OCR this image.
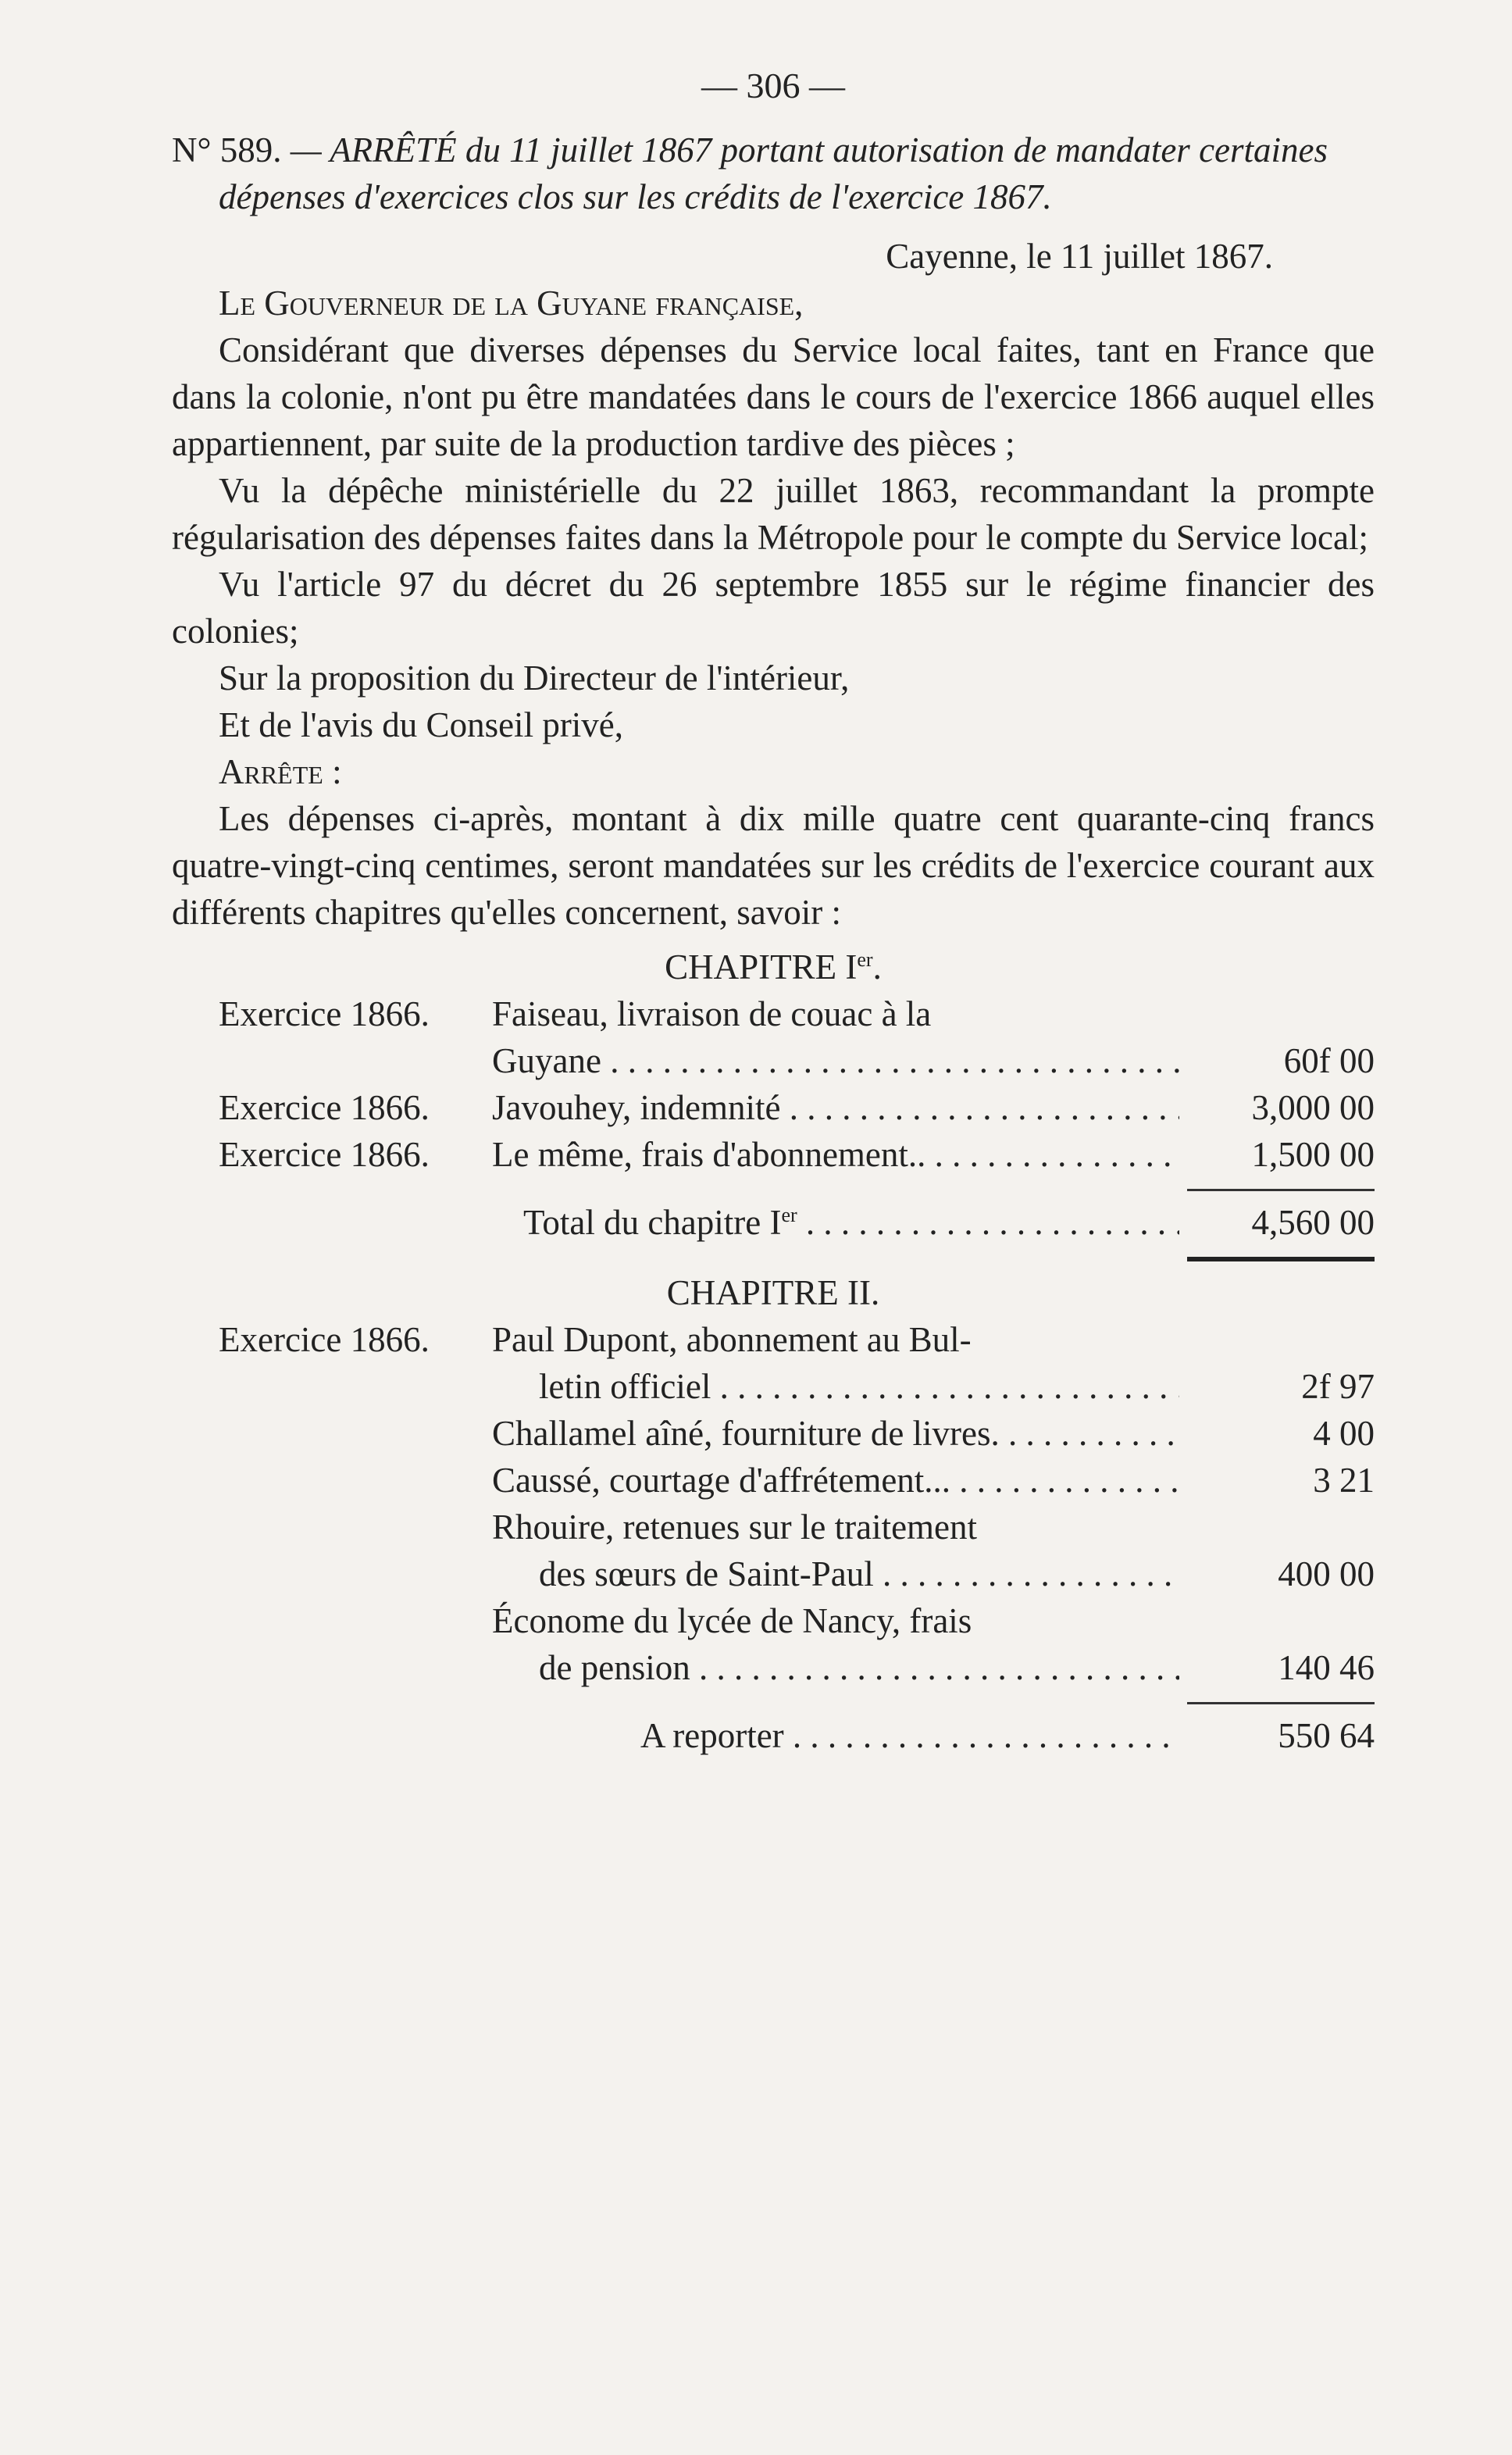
— 306 —
N° 589. — ARRÊTÉ du 11 juillet 1867 portant autorisation de mandater certaines dépenses d'exercices clos sur les crédits de l'exercice 1867.
Cayenne, le 11 juillet 1867.
Le Gouverneur de la Guyane française,
Considérant que diverses dépenses du Service local faites, tant en France que dans la colonie, n'ont pu être mandatées dans le cours de l'exercice 1866 auquel elles appartiennent, par suite de la production tardive des pièces ;
Vu la dépêche ministérielle du 22 juillet 1863, recommandant la prompte régularisation des dépenses faites dans la Métropole pour le compte du Service local;
Vu l'article 97 du décret du 26 septembre 1855 sur le régime financier des colonies;
Sur la proposition du Directeur de l'intérieur,
Et de l'avis du Conseil privé,
Arrête :
Les dépenses ci-après, montant à dix mille quatre cent quarante-cinq francs quatre-vingt-cinq centimes, seront mandatées sur les crédits de l'exercice courant aux différents chapitres qu'elles concernent, savoir :
CHAPITRE Ier.
Exercice 1866.	Faiseau, livraison de couac à la
Guyane . . .	60f 00
Exercice 1866.	Javouhey, indemnité . . .	3,000 00
Exercice 1866.	Le même, frais d'abonnement.. . . .	1,500 00
Total du chapitre Ier . . .	4,560 00
CHAPITRE II.
Exercice 1866.	Paul Dupont, abonnement au Bul-
letin officiel . . .	2f 97
Challamel aîné, fourniture de livres. . . .	4 00
Caussé, courtage d'affrétement... . . .	3 21
Rhouire, retenues sur le traitement
des sœurs de Saint-Paul . . .	400 00
Économe du lycée de Nancy, frais
de pension . . .	140 46
A reporter . . .	550 64
